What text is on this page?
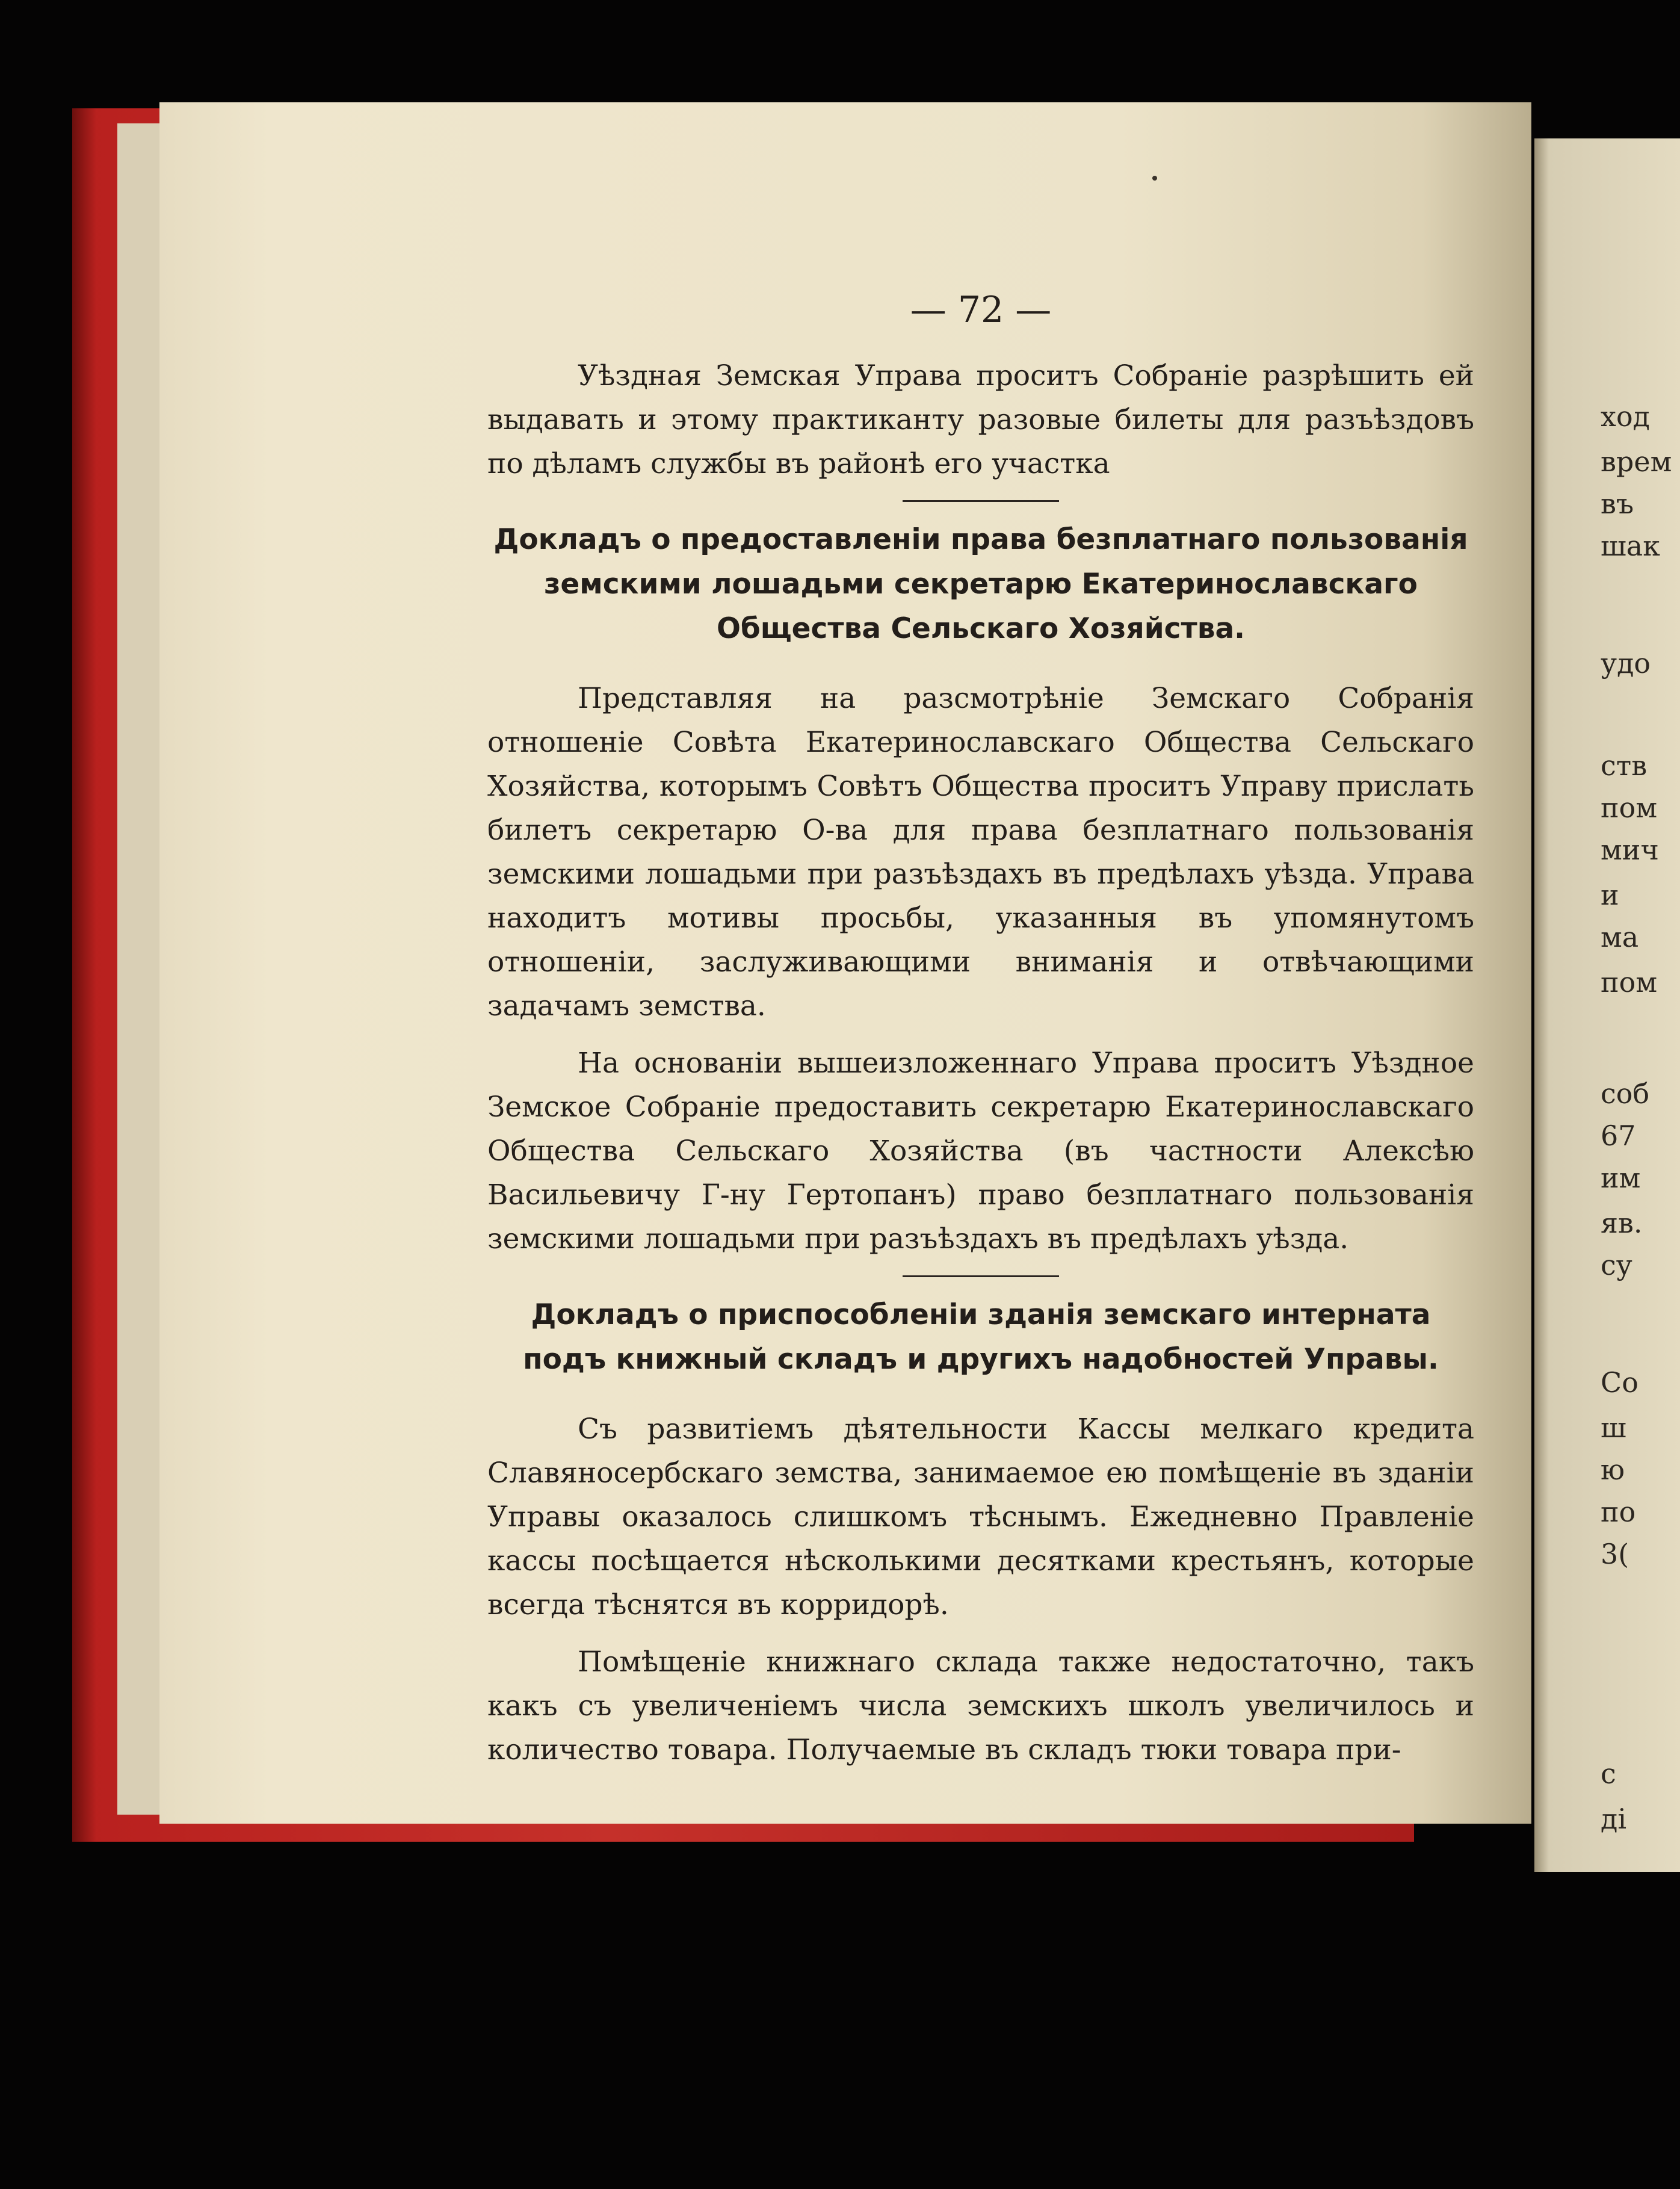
ход
врем
въ
шак
удо
ств
пом
мич
и
ма
пом
соб
67
им
яв.
су
Со
ш
ю
по
3(
с
ді
— 72 —

Уѣздная Земская Управа проситъ Собраніе разрѣшить ей выдавать и этому практиканту разовые билеты для разъѣздовъ по дѣламъ службы въ районѣ его участка

Докладъ о предоставленіи права безплатнаго пользованія земскими лошадьми секретарю Екатеринославскаго Общества Сельскаго Хозяйства.

Представляя на разсмотрѣніе Земскаго Собранія отношеніе Совѣта Екатеринославскаго Общества Сельскаго Хозяйства, которымъ Совѣтъ Общества проситъ Управу прислать билетъ секретарю О-ва для права безплатнаго пользованія земскими лошадьми при разъѣздахъ въ предѣлахъ уѣзда. Управа находитъ мотивы просьбы, указанныя въ упомянутомъ отношеніи, заслуживающими вниманія и отвѣчающими задачамъ земства.

На основаніи вышеизложеннаго Управа проситъ Уѣздное Земское Собраніе предоставить секретарю Екатеринославскаго Общества Сельскаго Хозяйства (въ частности Алексѣю Васильевичу Г-ну Гертопанъ) право безплатнаго пользованія земскими лошадьми при разъѣздахъ въ предѣлахъ уѣзда.

Докладъ о приспособленіи зданія земскаго интерната подъ книжный складъ и другихъ надобностей Управы.

Съ развитіемъ дѣятельности Кассы мелкаго кредита Славяносербскаго земства, занимаемое ею помѣщеніе въ зданіи Управы оказалось слишкомъ тѣснымъ. Ежедневно Правленіе кассы посѣщается нѣсколькими десятками крестьянъ, которые всегда тѣснятся въ корридорѣ.

Помѣщеніе книжнаго склада также недостаточно, такъ какъ съ увеличеніемъ числа земскихъ школъ увеличилось и количество товара. Получаемые въ складъ тюки товара при-
